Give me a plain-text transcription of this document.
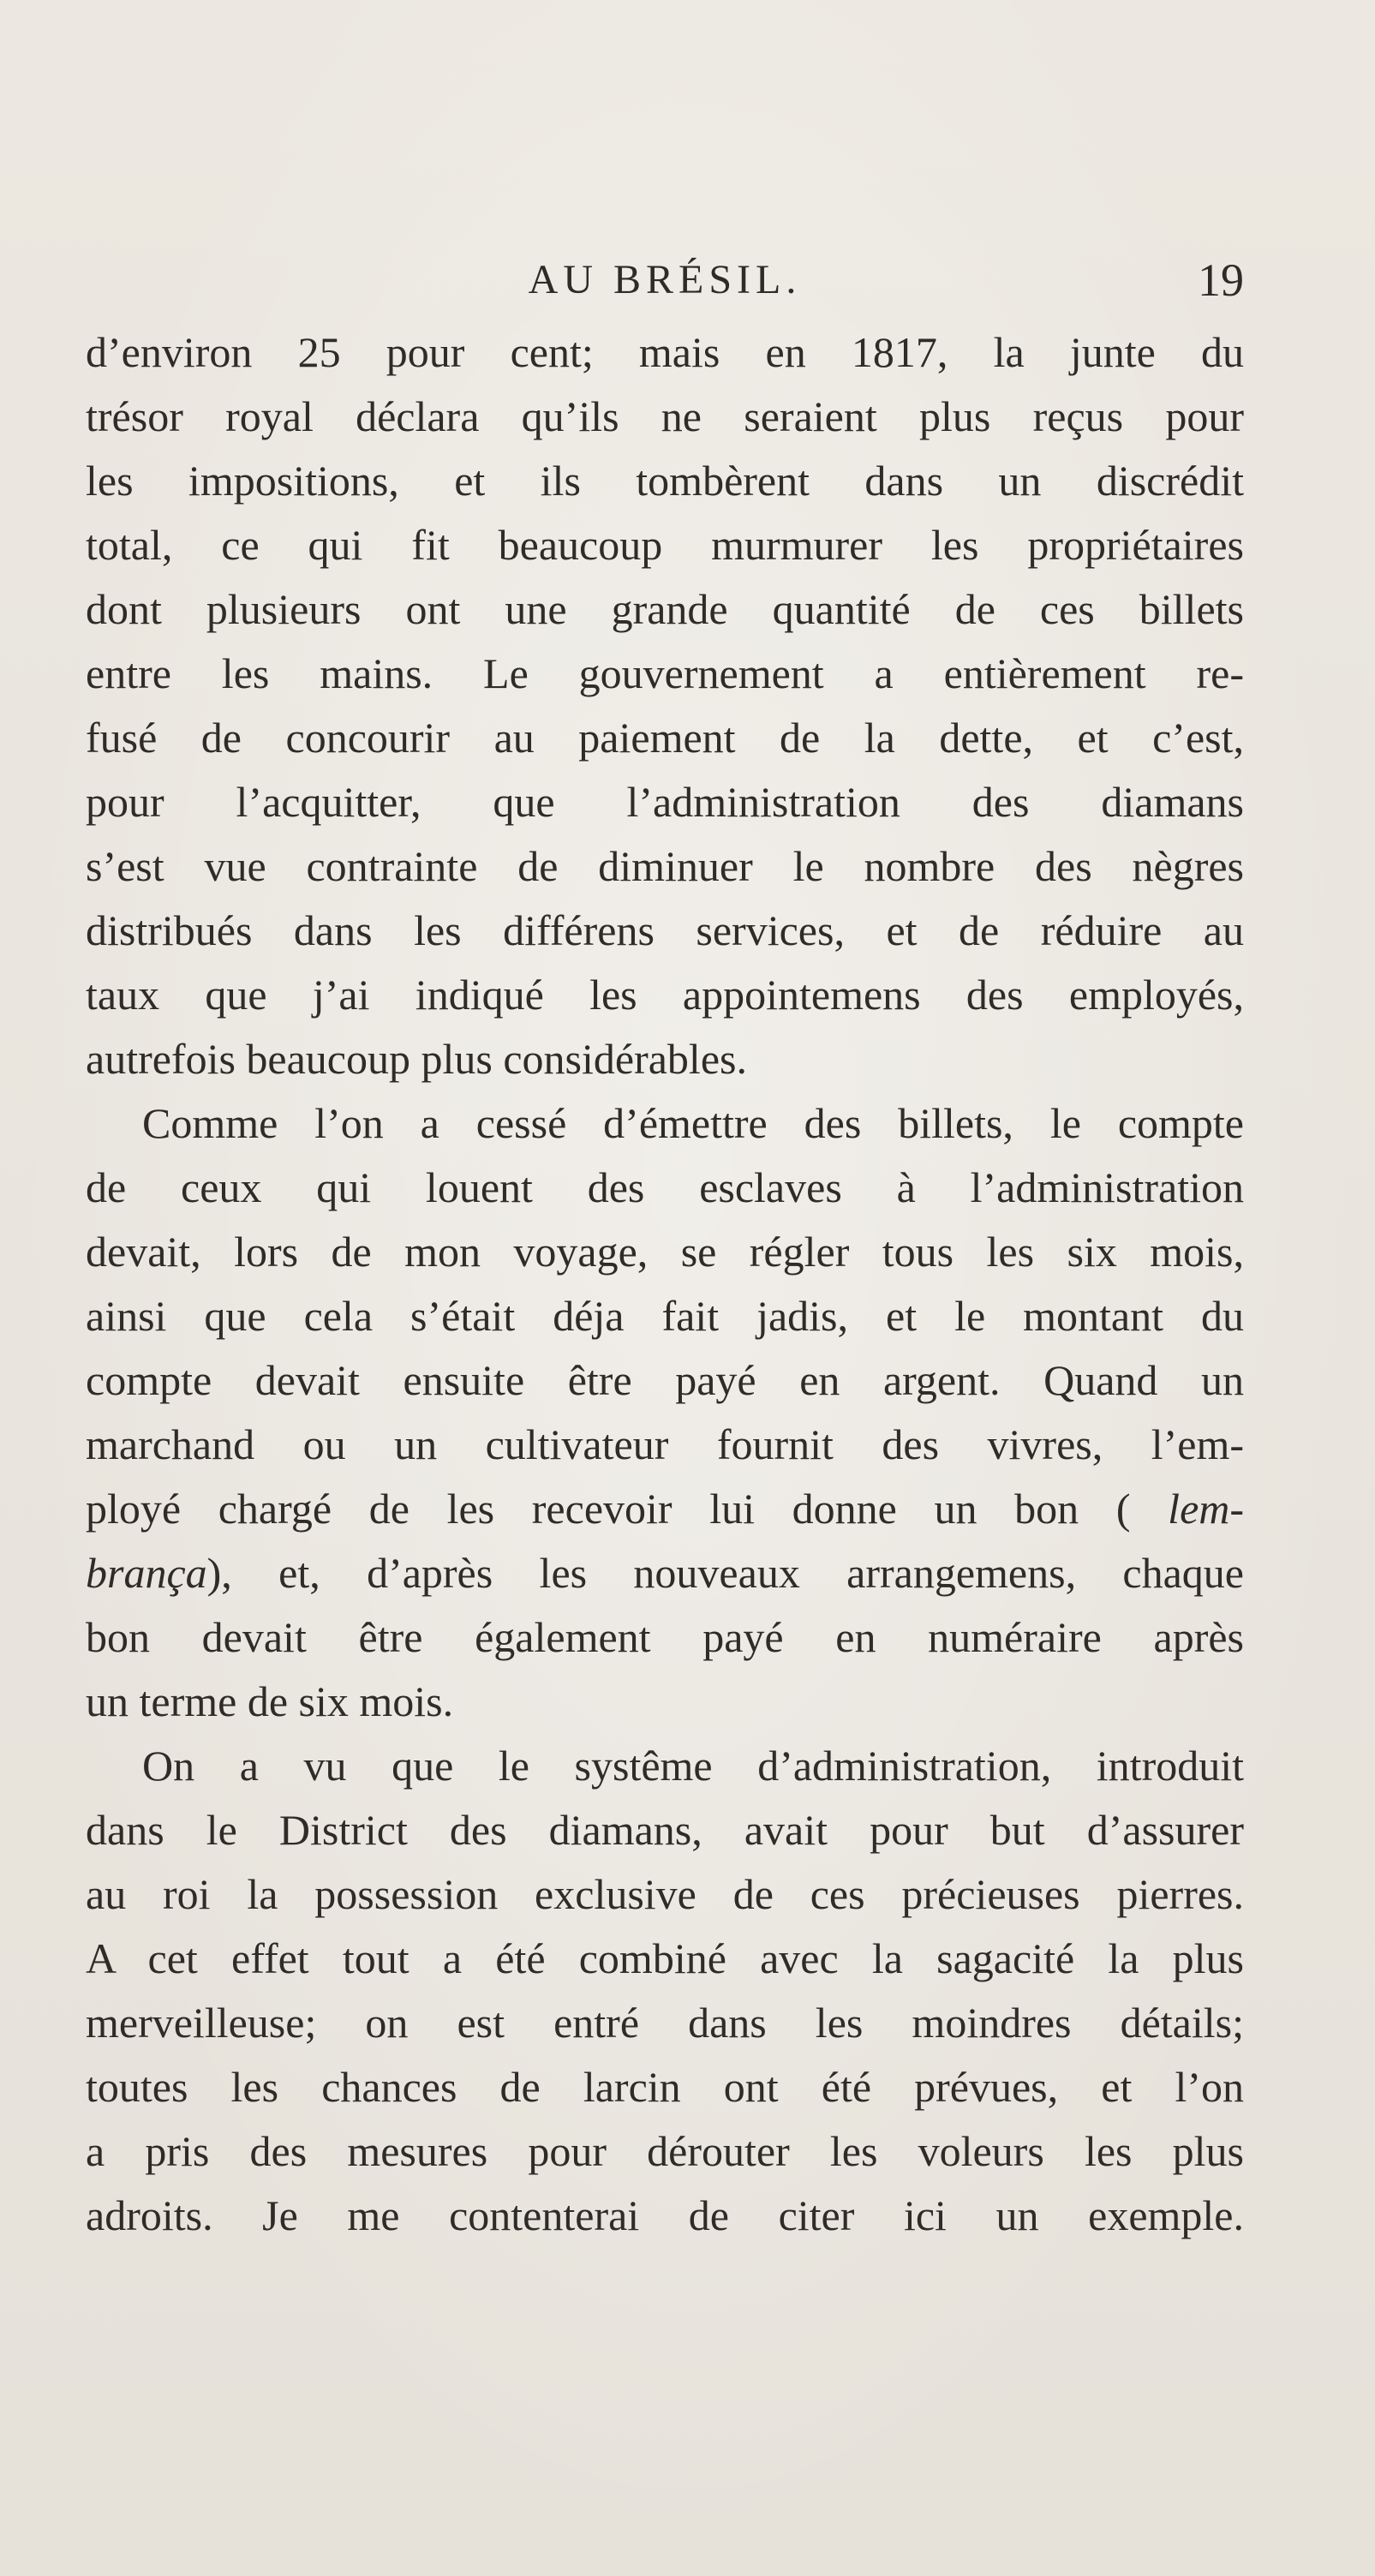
AU BRÉSIL.	19
d’environ 25 pour cent; mais en 1817, la junte du
trésor royal déclara qu’ils ne seraient plus reçus pour
les impositions, et ils tombèrent dans un discrédit
total, ce qui fit beaucoup murmurer les propriétaires
dont plusieurs ont une grande quantité de ces billets
entre les mains. Le gouvernement a entièrement re-
fusé de concourir au paiement de la dette, et c’est,
pour l’acquitter, que l’administration des diamans
s’est vue contrainte de diminuer le nombre des nègres
distribués dans les différens services, et de réduire au
taux que j’ai indiqué les appointemens des employés,
autrefois beaucoup plus considérables.
Comme l’on a cessé d’émettre des billets, le compte
de ceux qui louent des esclaves à l’administration
devait, lors de mon voyage, se régler tous les six mois,
ainsi que cela s’était déja fait jadis, et le montant du
compte devait ensuite être payé en argent. Quand un
marchand ou un cultivateur fournit des vivres, l’em-
ployé chargé de les recevoir lui donne un bon ( lem-
brança), et, d’après les nouveaux arrangemens, chaque
bon devait être également payé en numéraire après
un terme de six mois.
On a vu que le systême d’administration, introduit
dans le District des diamans, avait pour but d’assurer
au roi la possession exclusive de ces précieuses pierres.
A cet effet tout a été combiné avec la sagacité la plus
merveilleuse; on est entré dans les moindres détails;
toutes les chances de larcin ont été prévues, et l’on
a pris des mesures pour dérouter les voleurs les plus
adroits. Je me contenterai de citer ici un exemple.
